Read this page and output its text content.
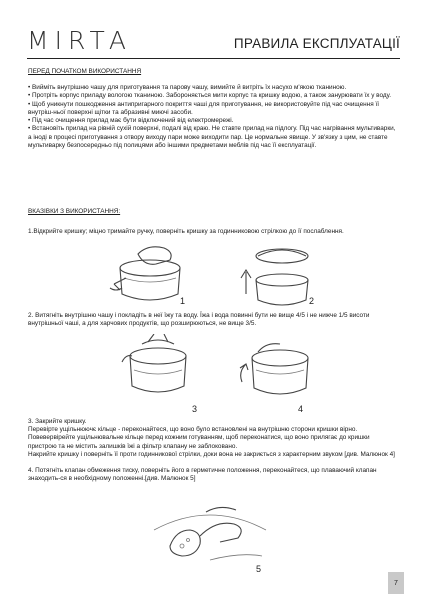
MIRTA	ПРАВИЛА ЕКСПЛУАТАЦІЇ
ПЕРЕД ПОЧАТКОМ ВИКОРИСТАННЯ

• Вийміть внутрішню чашу для приготування та парову чашу, вимийте й витріть їх насухо м'якою тканиною.

• Протріть корпус приладу вологою тканиною. Забороняється мити корпус та кришку водою, а також занурювати їх у воду.

• Щоб уникнути пошкодження антипригарного покриття чаші для приготування, не використовуйте під час очищення її внутріш-ньої поверхні щітки та абразивні миючі засоби.

• Під час очищення прилад має бути відключений від електромережі.

• Встановіть прилад на рівній сухій поверхні, подалі від краю. Не ставте прилад на підлогу. Під час нагрівання мультиварки, а іноді в процесі приготування з отвору виходу пари може виходити пар. Це нормальне явище. У зв'язку з цим, не ставте мультиварку безпосередньо під полицями або іншими предметами меблів під час її експлуатації.

ВКАЗІВКИ З ВИКОРИСТАННЯ:
1.Відкрийте кришку; міцно тримайте ручку, поверніть кришку за годинниковою стрілкою до її послаблення.
1	2
2. Витягніть внутрішню чашу і покладіть в неї їжу та воду. Їжа і вода повинні бути не вище 4/5 і не нижче 1/5 висоти внутрішньої чаші, а для харчових продуктів, що розширюються, не вище 3/5.
3	4
3. Закрийте кришку.
Перевірте ущільнюючє кільце - переконайтеся, що воно було встановлені на внутрішню сторони кришки вірно. Повевервірейте ущільнювальне кільце перед кожним готуванням, щоб переконатися, що воно прилягає до кришки пристрою та не містить залишків їжі а фільтр клапану не заблоковано.
Накрийте кришку і поверніть її проти годинникової стрілки, доки вона не закриється з характерним звуком [див. Малюнок 4]
4. Потягніть клапан обмеження тиску, поверніть його в герметичне положення, переконайтеся, що плаваючий клапан знаходить-ся в необхідному положенні.[див. Малюнок 5]
5
7
